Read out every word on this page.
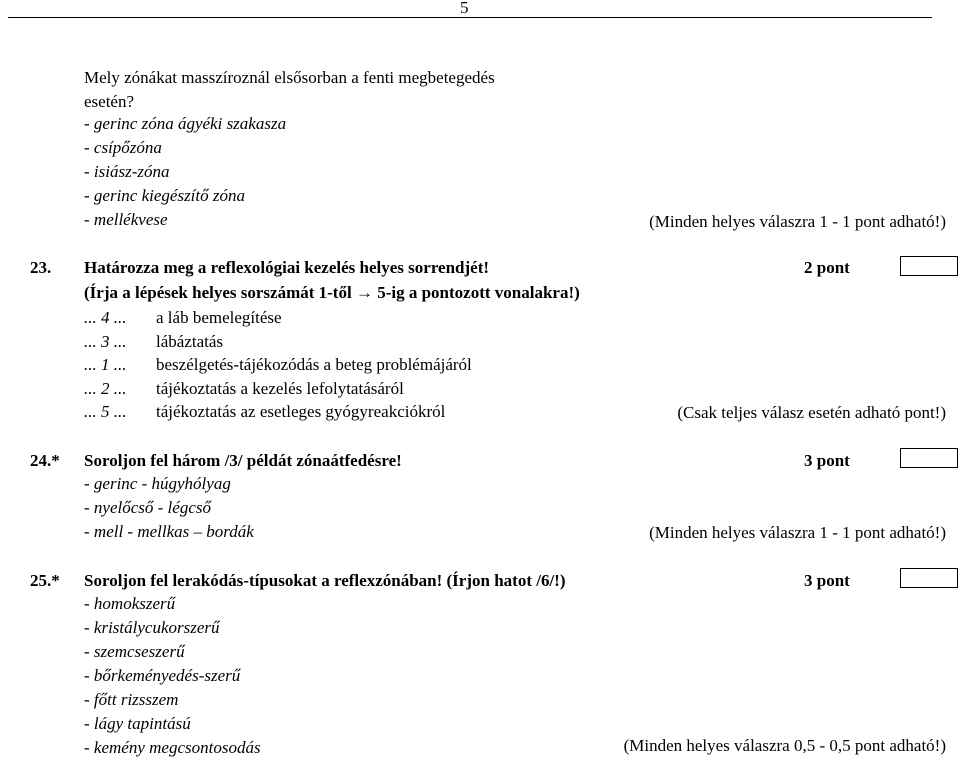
5
Mely zónákat masszíroznál elsősorban a fenti megbetegedés
esetén?
- gerinc zóna ágyéki szakasza
- csípőzóna
- isiász-zóna
- gerinc kiegészítő zóna
- mellékvese	(Minden helyes válaszra 1 - 1 pont adható!)
23. Határozza meg a reflexológiai kezelés helyes sorrendjét!	2 pont
(Írja a lépések helyes sorszámát 1-től → 5-ig a pontozott vonalakra!)
... 4 ... a láb bemelegítése
... 3 ... lábáztatás
... 1 ... beszélgetés-tájékozódás a beteg problémájáról
... 2 ... tájékoztatás a kezelés lefolytatásáról
... 5 ... tájékoztatás az esetleges gyógyreakciókról	(Csak teljes válasz esetén adható pont!)
24.* Soroljon fel három /3/ példát zónaátfedésre!	3 pont
- gerinc - húgyhólyag
- nyelőcső - légcső
- mell - mellkas – bordák	(Minden helyes válaszra 1 - 1 pont adható!)
25.* Soroljon fel lerakódás-típusokat a reflexzónában! (Írjon hatot /6/!)	3 pont
- homokszerű
- kristálycukorszerű
- szemcseszerű
- bőrkeményedés-szerű
- főtt rizsszem
- lágy tapintású
- kemény megcsontosodás	(Minden helyes válaszra 0,5 - 0,5 pont adható!)
